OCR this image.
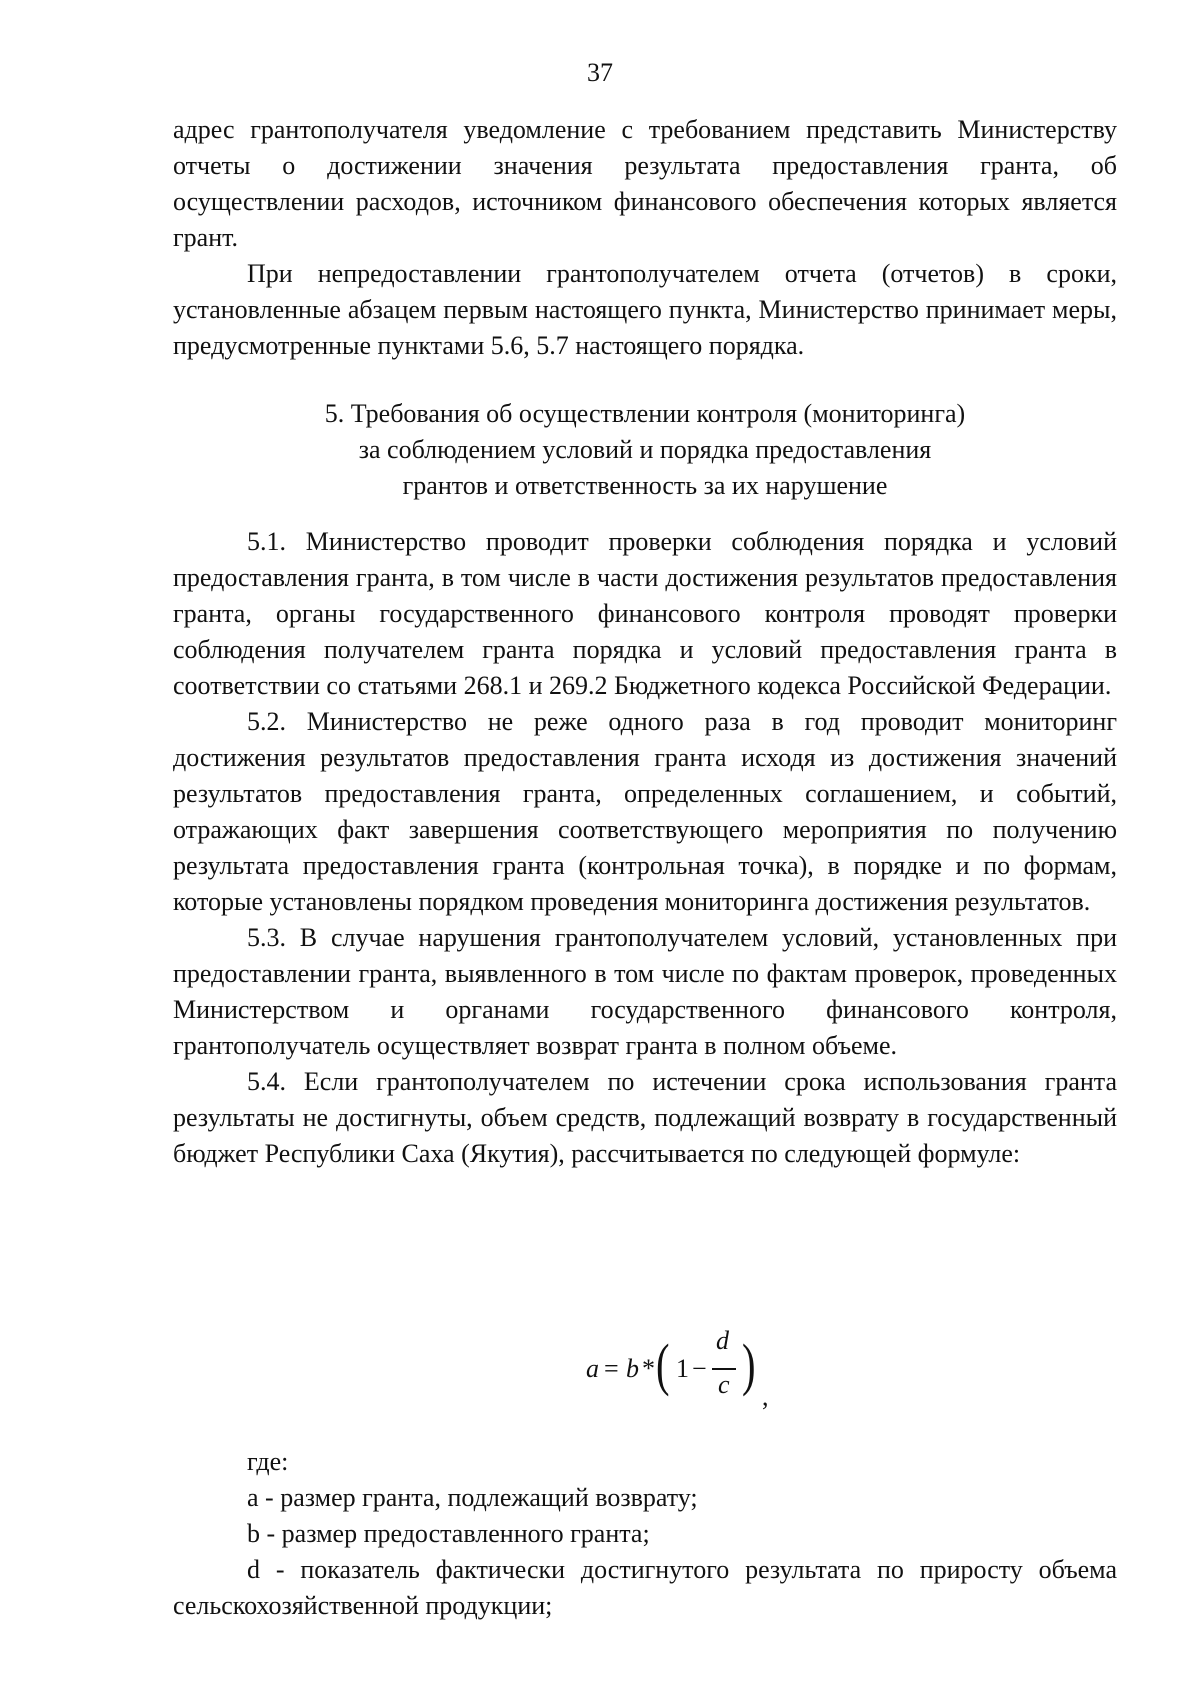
37

адрес грантополучателя уведомление с требованием представить Министерству отчеты о достижении значения результата предоставления гранта, об осуществлении расходов, источником финансового обеспечения которых является грант.

При непредоставлении грантополучателем отчета (отчетов) в сроки, установленные абзацем первым настоящего пункта, Министерство принимает меры, предусмотренные пунктами 5.6, 5.7 настоящего порядка.

5. Требования об осуществлении контроля (мониторинга)
за соблюдением условий и порядка предоставления
грантов и ответственность за их нарушение

5.1. Министерство проводит проверки соблюдения порядка и условий предоставления гранта, в том числе в части достижения результатов предоставления гранта, органы государственного финансового контроля проводят проверки соблюдения получателем гранта порядка и условий предоставления гранта в соответствии со статьями 268.1 и 269.2 Бюджетного кодекса Российской Федерации.

5.2. Министерство не реже одного раза в год проводит мониторинг достижения результатов предоставления гранта исходя из достижения значений результатов предоставления гранта, определенных соглашением, и событий, отражающих факт завершения соответствующего мероприятия по получению результата предоставления гранта (контрольная точка), в порядке и по формам, которые установлены порядком проведения мониторинга достижения результатов.

5.3. В случае нарушения грантополучателем условий, установленных при предоставлении гранта, выявленного в том числе по фактам проверок, проведенных Министерством и органами государственного финансового контроля, грантополучатель осуществляет возврат гранта в полном объеме.

5.4. Если грантополучателем по истечении срока использования гранта результаты не достигнуты, объем средств, подлежащий возврату в государственный бюджет Республики Саха (Якутия), рассчитывается по следующей формуле:

a = b * ( 1 −
d
c ) ,

где:

а - размер гранта, подлежащий возврату;

b - размер предоставленного гранта;

d - показатель фактически достигнутого результата по приросту объема сельскохозяйственной продукции;
